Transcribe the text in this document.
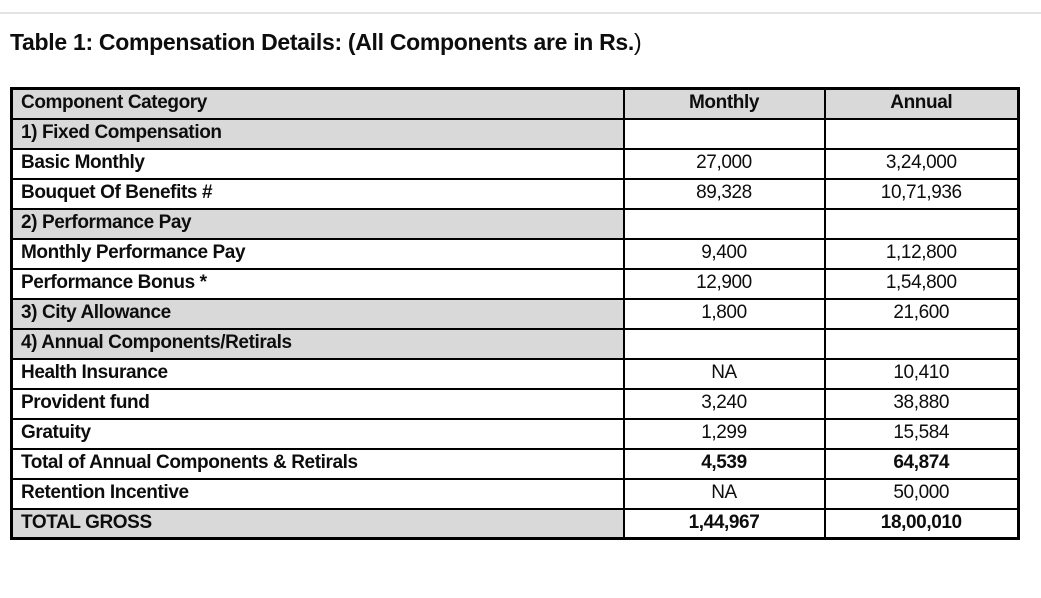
Table 1: Compensation Details: (All Components are in Rs.)
Component Category	Monthly	Annual
1) Fixed Compensation		
Basic Monthly	27,000	3,24,000
Bouquet Of Benefits #	89,328	10,71,936
2) Performance Pay		
Monthly Performance Pay	9,400	1,12,800
Performance Bonus *	12,900	1,54,800
3) City Allowance	1,800	21,600
4) Annual Components/Retirals		
Health Insurance	NA	10,410
Provident fund	3,240	38,880
Gratuity	1,299	15,584
Total of Annual Components & Retirals	4,539	64,874
Retention Incentive	NA	50,000
TOTAL GROSS	1,44,967	18,00,010
